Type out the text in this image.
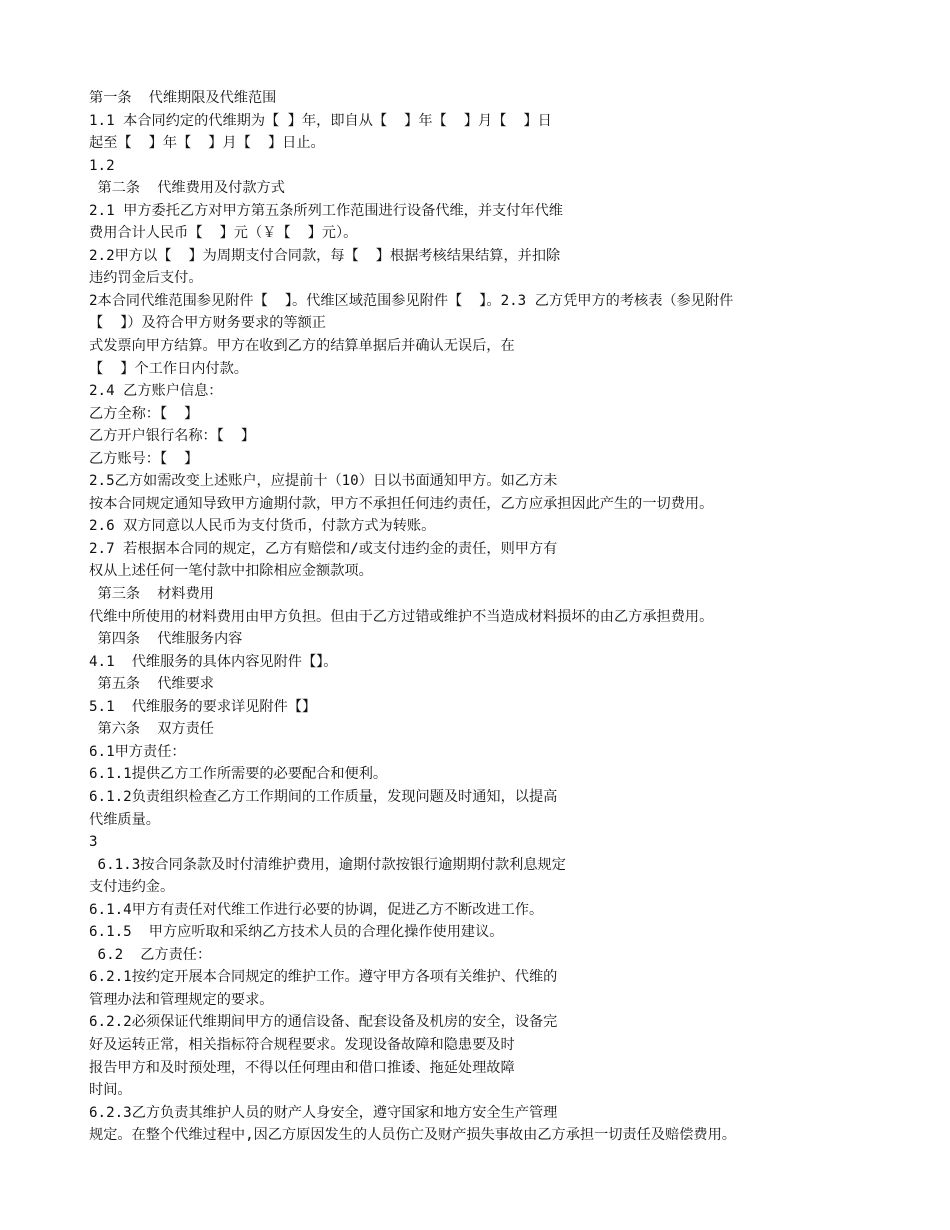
第一条  代维期限及代维范围
1.1 本合同约定的代维期为【 】年，即自从【  】年【  】月【  】日
起至【  】年【  】月【  】日止。
1.2
第二条  代维费用及付款方式
2.1 甲方委托乙方对甲方第五条所列工作范围进行设备代维，并支付年代维
费用合计人民币【  】元（￥【  】元）。
2.2甲方以【  】为周期支付合同款，每【  】根据考核结果结算，并扣除
违约罚金后支付。
2本合同代维范围参见附件【  】。代维区域范围参见附件【  】。2.3 乙方凭甲方的考核表（参见附件
【  】）及符合甲方财务要求的等额正
式发票向甲方结算。甲方在收到乙方的结算单据后并确认无误后，在
【  】个工作日内付款。
2.4 乙方账户信息：
乙方全称：【  】
乙方开户银行名称：【  】
乙方账号：【  】
2.5乙方如需改变上述账户，应提前十（10）日以书面通知甲方。如乙方未
按本合同规定通知导致甲方逾期付款，甲方不承担任何违约责任，乙方应承担因此产生的一切费用。
2.6 双方同意以人民币为支付货币，付款方式为转账。
2.7 若根据本合同的规定，乙方有赔偿和/或支付违约金的责任，则甲方有
权从上述任何一笔付款中扣除相应金额款项。
第三条  材料费用
代维中所使用的材料费用由甲方负担。但由于乙方过错或维护不当造成材料损坏的由乙方承担费用。
第四条  代维服务内容
4.1  代维服务的具体内容见附件【】。
第五条  代维要求
5.1  代维服务的要求详见附件【】
第六条  双方责任
6.1甲方责任：
6.1.1提供乙方工作所需要的必要配合和便利。
6.1.2负责组织检查乙方工作期间的工作质量，发现问题及时通知，以提高
代维质量。
3
6.1.3按合同条款及时付清维护费用，逾期付款按银行逾期期付款利息规定
支付违约金。
6.1.4甲方有责任对代维工作进行必要的协调，促进乙方不断改进工作。
6.1.5  甲方应听取和采纳乙方技术人员的合理化操作使用建议。
6.2  乙方责任：
6.2.1按约定开展本合同规定的维护工作。遵守甲方各项有关维护、代维的
管理办法和管理规定的要求。
6.2.2必须保证代维期间甲方的通信设备、配套设备及机房的安全，设备完
好及运转正常，相关指标符合规程要求。发现设备故障和隐患要及时
报告甲方和及时预处理，不得以任何理由和借口推诿、拖延处理故障
时间。
6.2.3乙方负责其维护人员的财产人身安全，遵守国家和地方安全生产管理
规定。在整个代维过程中,因乙方原因发生的人员伤亡及财产损失事故由乙方承担一切责任及赔偿费用。
